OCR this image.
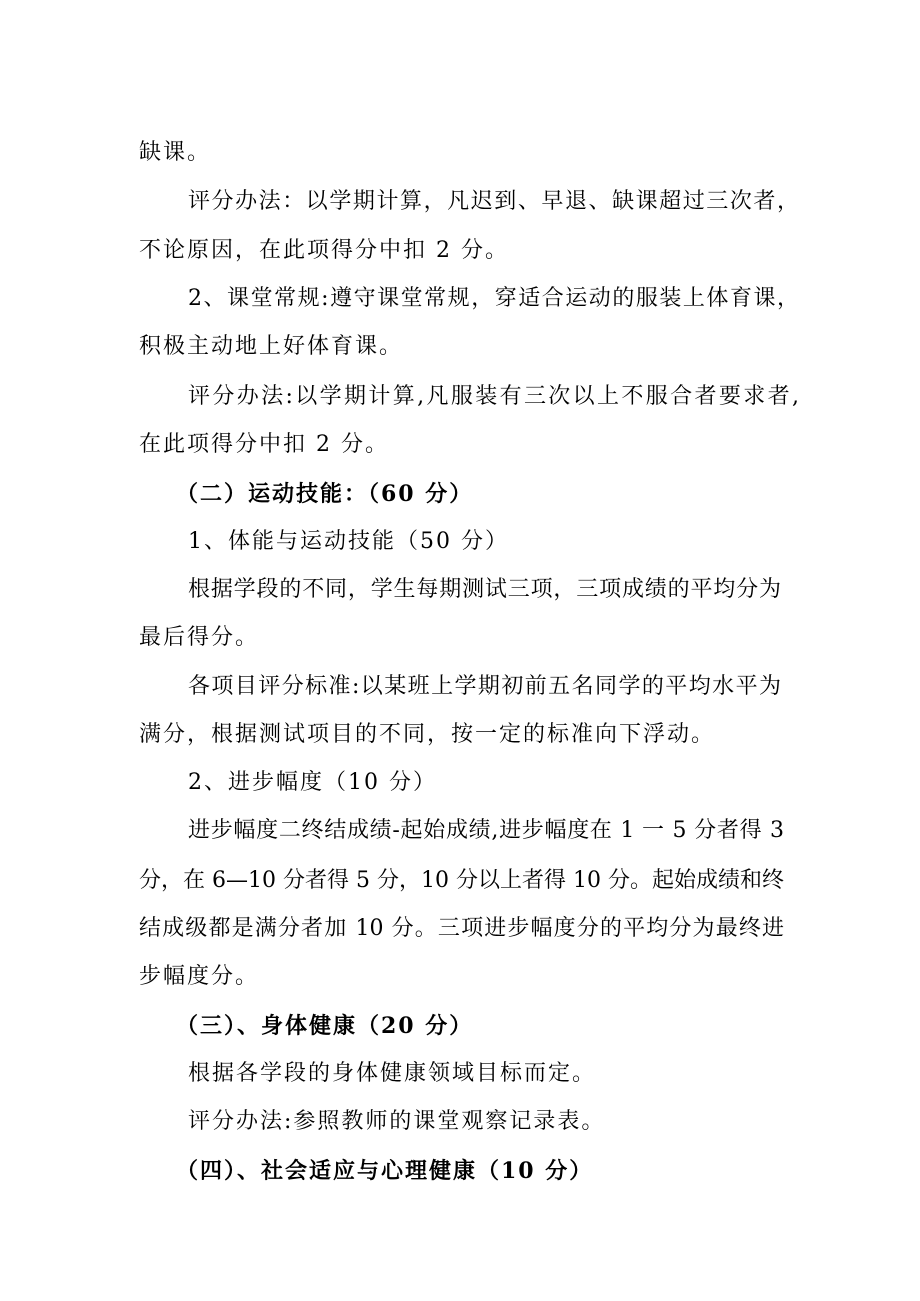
缺课。
评分办法：以学期计算，凡迟到、早退、缺课超过三次者，
不论原因，在此项得分中扣 2 分。
2、课堂常规:遵守课堂常规，穿适合运动的服装上体育课，
积极主动地上好体育课。
评分办法:以学期计算,凡服装有三次以上不服合者要求者,
在此项得分中扣 2 分。
（二）运动技能：（60 分）
1、体能与运动技能（50 分）
根据学段的不同，学生每期测试三项，三项成绩的平均分为
最后得分。
各项目评分标准:以某班上学期初前五名同学的平均水平为
满分，根据测试项目的不同，按一定的标准向下浮动。
2、进步幅度（10 分）
进步幅度二终结成绩-起始成绩,进步幅度在 1 一 5 分者得 3
分，在 6—10 分者得 5 分，10 分以上者得 10 分。起始成绩和终
结成级都是满分者加 10 分。三项进步幅度分的平均分为最终进
步幅度分。
（三）、身体健康（20 分）
根据各学段的身体健康领域目标而定。
评分办法:参照教师的课堂观察记录表。
（四）、社会适应与心理健康（10 分）
